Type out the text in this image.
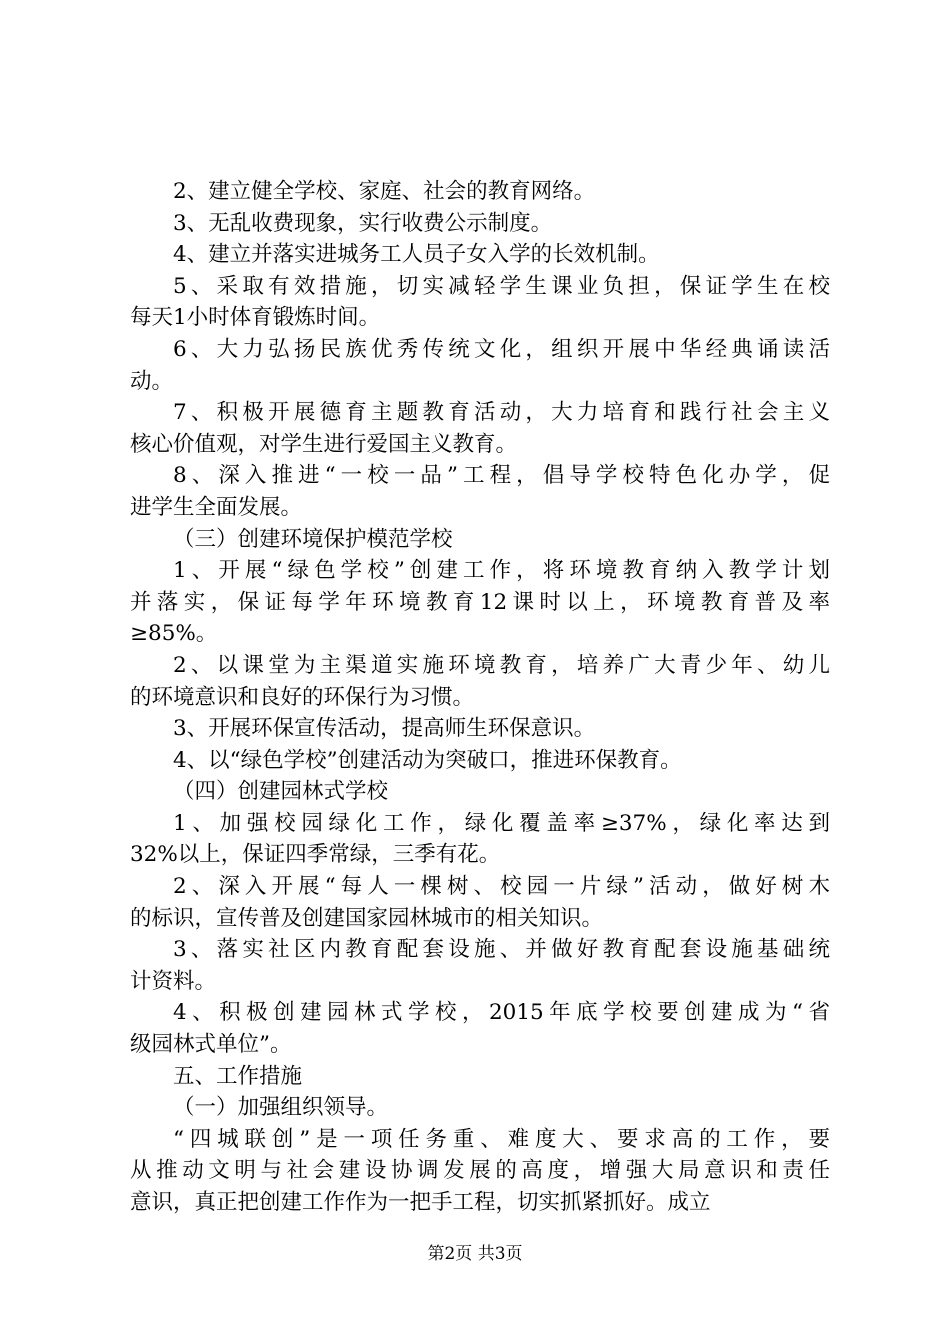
2、建立健全学校、家庭、社会的教育网络。

3、无乱收费现象，实行收费公示制度。

4、建立并落实进城务工人员子女入学的长效机制。

5、采取有效措施，切实减轻学生课业负担，保证学生在校
每天1小时体育锻炼时间。

6、大力弘扬民族优秀传统文化，组织开展中华经典诵读活
动。

7、积极开展德育主题教育活动，大力培育和践行社会主义
核心价值观，对学生进行爱国主义教育。

8、深入推进“一校一品”工程，倡导学校特色化办学，促
进学生全面发展。

（三）创建环境保护模范学校

1、开展“绿色学校”创建工作，将环境教育纳入教学计划
并落实，保证每学年环境教育12课时以上，环境教育普及率
≥85%。

2、以课堂为主渠道实施环境教育，培养广大青少年、幼儿
的环境意识和良好的环保行为习惯。

3、开展环保宣传活动，提高师生环保意识。

4、以“绿色学校”创建活动为突破口，推进环保教育。

（四）创建园林式学校

1、加强校园绿化工作，绿化覆盖率≥37%，绿化率达到
32%以上，保证四季常绿，三季有花。

2、深入开展“每人一棵树、校园一片绿”活动，做好树木
的标识，宣传普及创建国家园林城市的相关知识。

3、落实社区内教育配套设施、并做好教育配套设施基础统
计资料。

4、积极创建园林式学校，2015年底学校要创建成为“省
级园林式单位”。

五、工作措施

（一）加强组织领导。

“四城联创”是一项任务重、难度大、要求高的工作，要
从推动文明与社会建设协调发展的高度，增强大局意识和责任
意识，真正把创建工作作为一把手工程，切实抓紧抓好。成立

第2页 共3页
